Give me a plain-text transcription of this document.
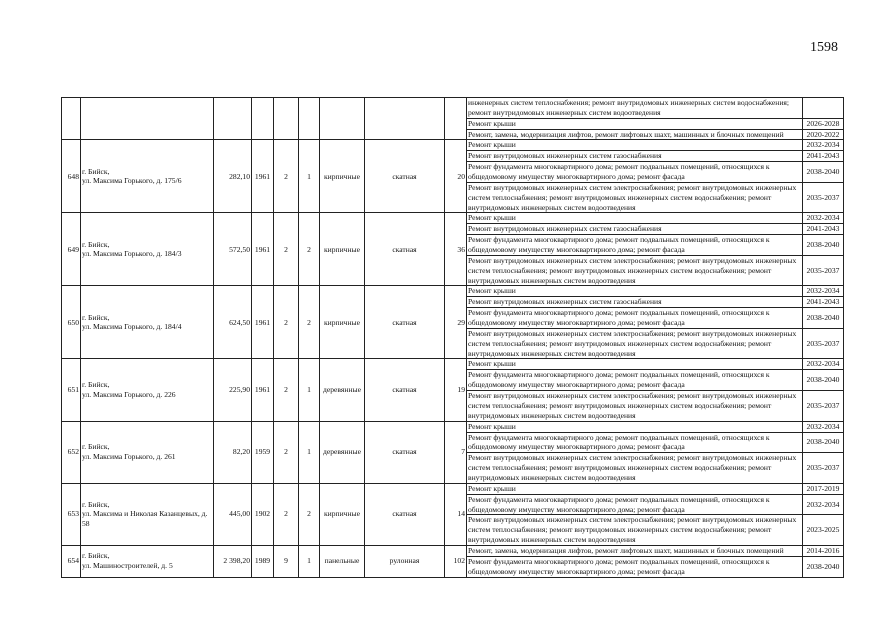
1598
									инженерных систем теплоснабжения; ремонт внутридомовых инженерных систем водоснабжения; ремонт внутридомовых инженерных систем водоотведения	
									Ремонт крыши	2026-2028
									Ремонт, замена, модернизация лифтов, ремонт лифтовых шахт, машинных и блочных помещений	2020-2022
648	г. Бийск,
ул. Максима Горького, д. 175/6	282,10	1961	2	1	кирпичные	скатная	20	Ремонт крыши	2032-2034
									Ремонт внутридомовых инженерных систем газоснабжения	2041-2043
									Ремонт фундамента многоквартирного дома; ремонт подвальных помещений, относящихся к общедомовому имуществу многоквартирного дома; ремонт фасада	2038-2040
									Ремонт внутридомовых инженерных систем электроснабжения; ремонт внутридомовых инженерных систем теплоснабжения; ремонт внутридомовых инженерных систем водоснабжения; ремонт внутридомовых инженерных систем водоотведения	2035-2037
649	г. Бийск,
ул. Максима Горького, д. 184/3	572,50	1961	2	2	кирпичные	скатная	36	Ремонт крыши	2032-2034
									Ремонт внутридомовых инженерных систем газоснабжения	2041-2043
									Ремонт фундамента многоквартирного дома; ремонт подвальных помещений, относящихся к общедомовому имуществу многоквартирного дома; ремонт фасада	2038-2040
									Ремонт внутридомовых инженерных систем электроснабжения; ремонт внутридомовых инженерных систем теплоснабжения; ремонт внутридомовых инженерных систем водоснабжения; ремонт внутридомовых инженерных систем водоотведения	2035-2037
650	г. Бийск,
ул. Максима Горького, д. 184/4	624,50	1961	2	2	кирпичные	скатная	29	Ремонт крыши	2032-2034
									Ремонт внутридомовых инженерных систем газоснабжения	2041-2043
									Ремонт фундамента многоквартирного дома; ремонт подвальных помещений, относящихся к общедомовому имуществу многоквартирного дома; ремонт фасада	2038-2040
									Ремонт внутридомовых инженерных систем электроснабжения; ремонт внутридомовых инженерных систем теплоснабжения; ремонт внутридомовых инженерных систем водоснабжения; ремонт внутридомовых инженерных систем водоотведения	2035-2037
651	г. Бийск,
ул. Максима Горького, д. 226	225,90	1961	2	1	деревянные	скатная	19	Ремонт крыши	2032-2034
									Ремонт фундамента многоквартирного дома; ремонт подвальных помещений, относящихся к общедомовому имуществу многоквартирного дома; ремонт фасада	2038-2040
									Ремонт внутридомовых инженерных систем электроснабжения; ремонт внутридомовых инженерных систем теплоснабжения; ремонт внутридомовых инженерных систем водоснабжения; ремонт внутридомовых инженерных систем водоотведения	2035-2037
652	г. Бийск,
ул. Максима Горького, д. 261	82,20	1959	2	1	деревянные	скатная	7	Ремонт крыши	2032-2034
									Ремонт фундамента многоквартирного дома; ремонт подвальных помещений, относящихся к общедомовому имуществу многоквартирного дома; ремонт фасада	2038-2040
									Ремонт внутридомовых инженерных систем электроснабжения; ремонт внутридомовых инженерных систем теплоснабжения; ремонт внутридомовых инженерных систем водоснабжения; ремонт внутридомовых инженерных систем водоотведения	2035-2037
653	г. Бийск,
ул. Максима и Николая Казанцевых, д. 58	445,00	1902	2	2	кирпичные	скатная	14	Ремонт крыши	2017-2019
									Ремонт фундамента многоквартирного дома; ремонт подвальных помещений, относящихся к общедомовому имуществу многоквартирного дома; ремонт фасада	2032-2034
									Ремонт внутридомовых инженерных систем электроснабжения; ремонт внутридомовых инженерных систем теплоснабжения; ремонт внутридомовых инженерных систем водоснабжения; ремонт внутридомовых инженерных систем водоотведения	2023-2025
654	г. Бийск,
ул. Машиностроителей, д. 5	2 398,20	1989	9	1	панельные	рулонная	102	Ремонт, замена, модернизация лифтов, ремонт лифтовых шахт, машинных и блочных помещений	2014-2016
									Ремонт фундамента многоквартирного дома; ремонт подвальных помещений, относящихся к общедомовому имуществу многоквартирного дома; ремонт фасада	2038-2040
